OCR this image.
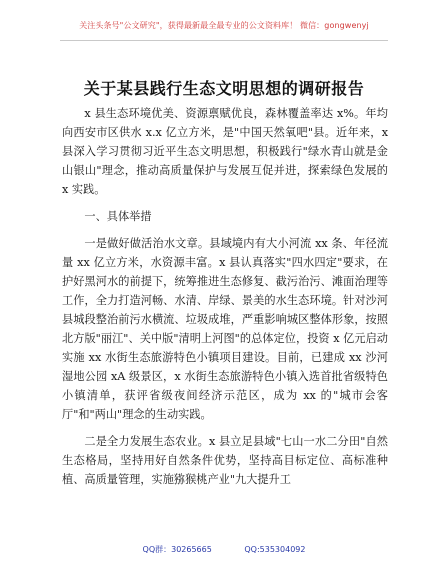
关注头条号"公文研究"，获得最新最全最专业的公文资料库！ 微信：gongwenyj
关于某县践行生态文明思想的调研报告

x 县生态环境优美、资源禀赋优良，森林覆盖率达 x%。年均向西安市区供水 x.x 亿立方米，是"中国天然氧吧"县。近年来，x 县深入学习贯彻习近平生态文明思想，积极践行"绿水青山就是金山银山"理念，推动高质量保护与发展互促并进，探索绿色发展的 x 实践。

一、具体举措

一是做好做活治水文章。县域境内有大小河流 xx 条、年径流量 xx 亿立方米，水资源丰富。x 县认真落实"四水四定"要求，在护好黑河水的前提下，统筹推进生态修复、截污治污、滩面治理等工作，全力打造河畅、水清、岸绿、景美的水生态环境。针对沙河县城段整治前污水横流、垃圾成堆，严重影响城区整体形象，按照北方版"丽江"、关中版"清明上河图"的总体定位，投资 x 亿元启动实施 xx 水街生态旅游特色小镇项目建设。目前，已建成 xx 沙河湿地公园 xA 级景区，x 水街生态旅游特色小镇入选首批省级特色小镇清单，获评省级夜间经济示范区，成为 xx 的"城市会客厅"和"两山"理念的生动实践。

二是全力发展生态农业。x 县立足县域"七山一水二分田"自然生态格局，坚持用好自然条件优势，坚持高目标定位、高标准种植、高质量管理，实施猕猴桃产业"九大提升工

QQ群：30265665	QQ:535304092
